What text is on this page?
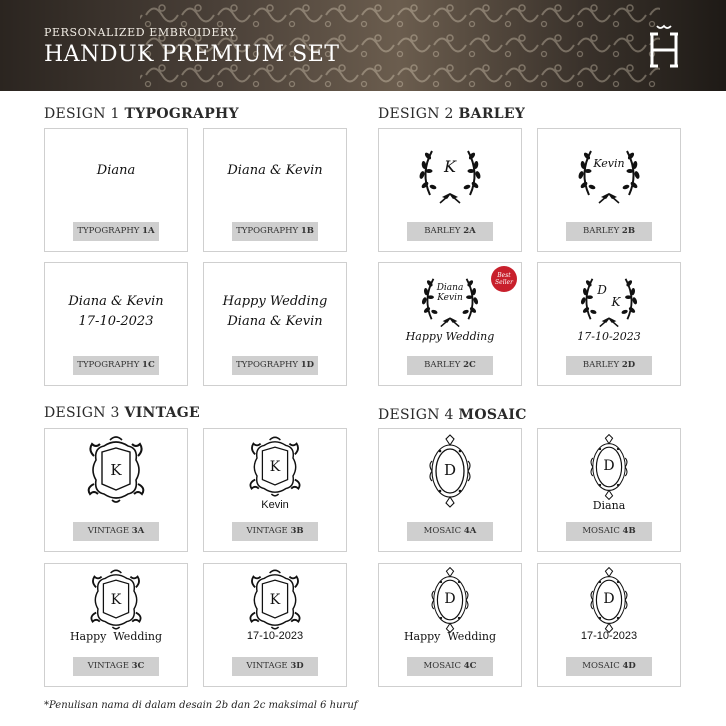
PERSONALIZED EMBROIDERY
HANDUK PREMIUM SET
DESIGN 1 TYPOGRAPHY	DESIGN 2 BARLEY
DESIGN 3 VINTAGE	DESIGN 4 MOSAIC
Diana
TYPOGRAPHY 1A
Diana & Kevin
TYPOGRAPHY 1B
Diana & Kevin
17-10-2023
TYPOGRAPHY 1C
Happy Wedding
Diana & Kevin
TYPOGRAPHY 1D
K
BARLEY 2A
Kevin
BARLEY 2B
Diana
Kevin
Happy Wedding
BARLEY 2C
Best
Seller
D
K
17-10-2023
BARLEY 2D
K
VINTAGE 3A
K
Kevin
VINTAGE 3B
K
Happy  Wedding
VINTAGE 3C
K
17-10-2023
VINTAGE 3D
D
MOSAIC 4A
D
Diana
MOSAIC 4B
D
Happy  Wedding
MOSAIC 4C
D
17-10-2023
MOSAIC 4D
*Penulisan nama di dalam desain 2b dan 2c maksimal 6 huruf
